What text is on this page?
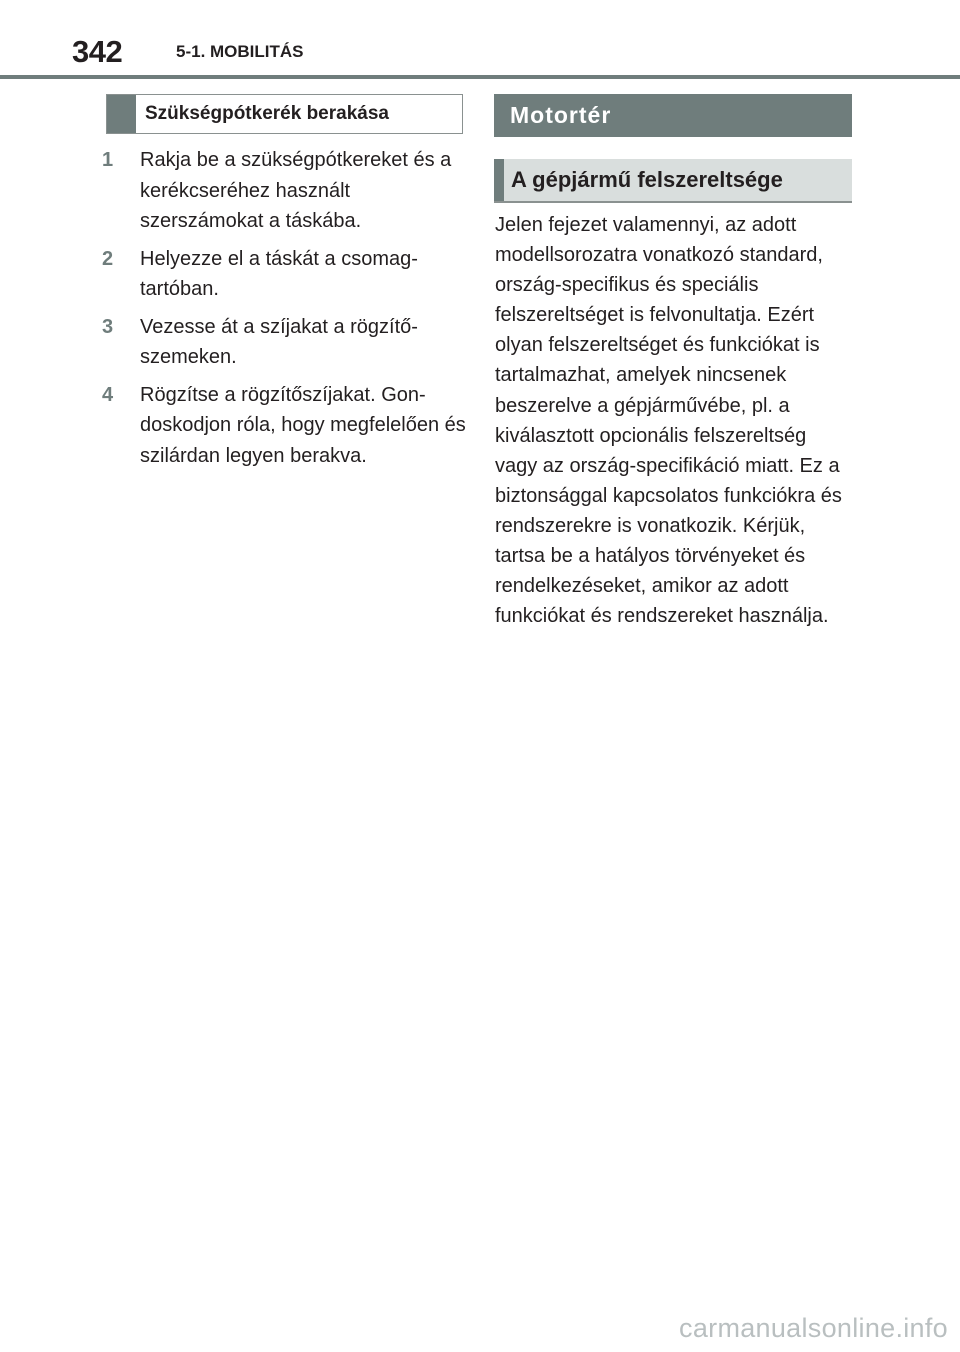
342	5-1. MOBILITÁS
Szükségpótkerék berakása
1 Rakja be a szükségpótkereket és a kerékcseréhez használt szerszámokat a táskába.
2 Helyezze el a táskát a csomagtartóban.
3 Vezesse át a szíjakat a rögzítőszemeken.
4 Rögzítse a rögzítőszíjakat. Gondoskodjon róla, hogy megfelelően és szilárdan legyen berakva.
Motortér
A gépjármű felszereltsége

Jelen fejezet valamennyi, az adott modellsorozatra vonatkozó standard, ország-specifikus és speciális felszereltséget is felvonultatja. Ezért olyan felszereltséget és funkciókat is tartalmazhat, amelyek nincsenek beszerelve a gépjárművébe, pl. a kiválasztott opcionális felszereltség vagy az ország-specifikáció miatt. Ez a biztonsággal kapcsolatos funkciókra és rendszerekre is vonatkozik. Kérjük, tartsa be a hatályos törvényeket és rendelkezéseket, amikor az adott funkciókat és rendszereket használja.

carmanualsonline.info
